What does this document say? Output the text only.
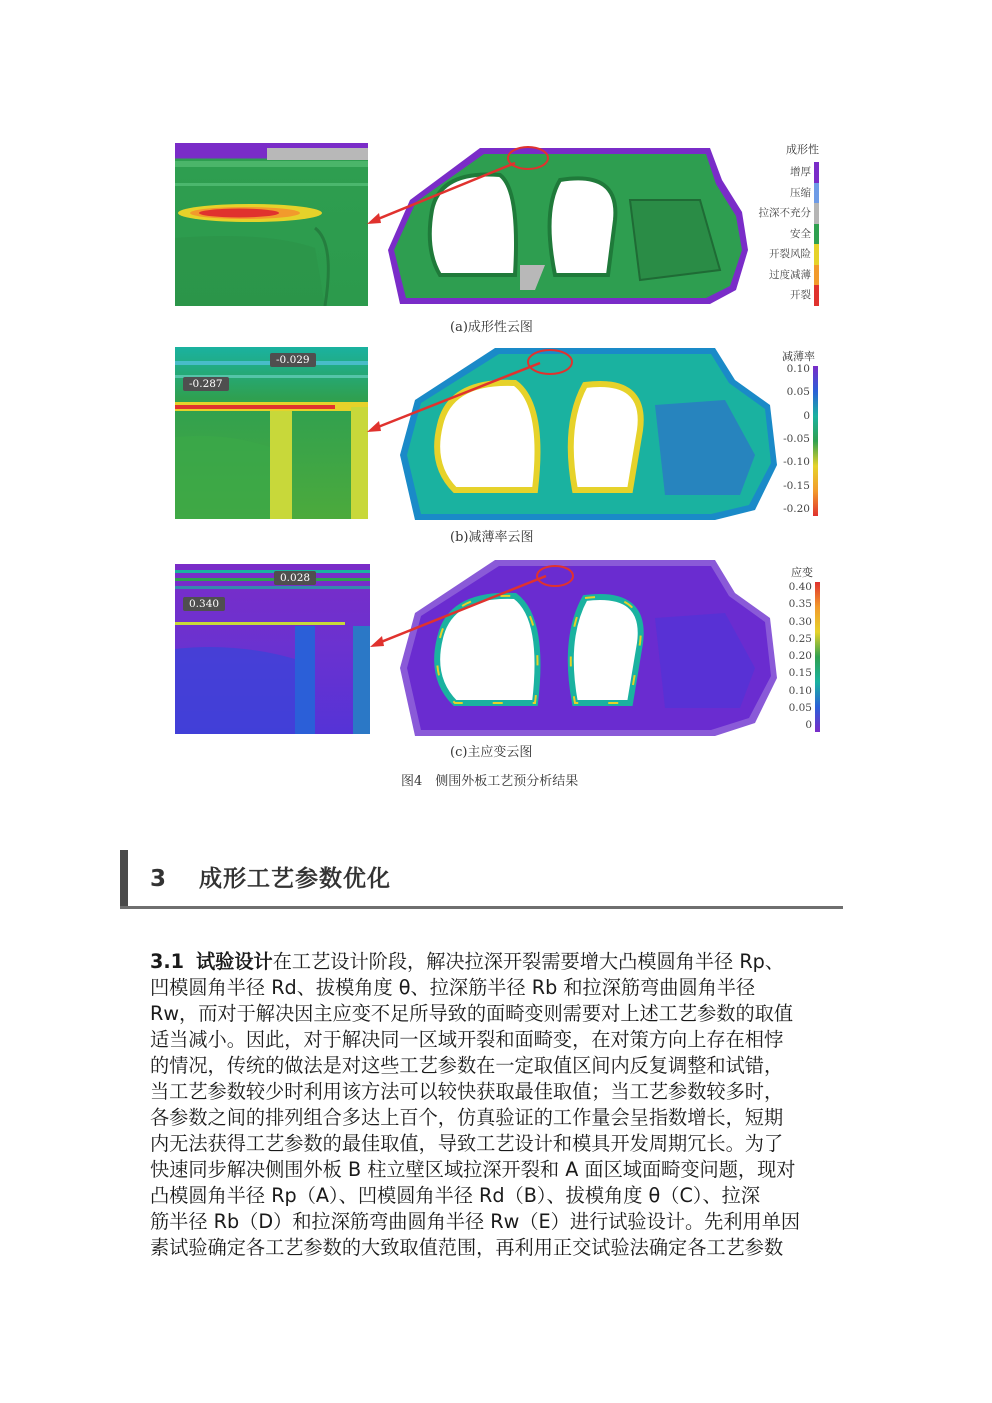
成形性
增厚
压缩
拉深不充分
安全
开裂风险
过度减薄
开裂
(a)成形性云图
-0.029
-0.287
减薄率
0.10
0.05
0
-0.05
-0.10
-0.15
-0.20
(b)减薄率云图
0.028
0.340
应变
0.40
0.35
0.30
0.25
0.20
0.15
0.10
0.05
0
(c)主应变云图
图4　侧围外板工艺预分析结果
3 成形工艺参数优化
3.1 试验设计在工艺设计阶段，解决拉深开裂需要增大凸模圆角半径 Rp、
凹模圆角半径 Rd、拔模角度 θ、拉深筋半径 Rb 和拉深筋弯曲圆角半径
Rw，而对于解决因主应变不足所导致的面畸变则需要对上述工艺参数的取值
适当减小。因此，对于解决同一区域开裂和面畸变，在对策方向上存在相悖
的情况，传统的做法是对这些工艺参数在一定取值区间内反复调整和试错，
当工艺参数较少时利用该方法可以较快获取最佳取值；当工艺参数较多时，
各参数之间的排列组合多达上百个，仿真验证的工作量会呈指数增长，短期
内无法获得工艺参数的最佳取值，导致工艺设计和模具开发周期冗长。为了
快速同步解决侧围外板 B 柱立壁区域拉深开裂和 A 面区域面畸变问题，现对
凸模圆角半径 Rp（A）、凹模圆角半径 Rd（B）、拔模角度 θ（C）、拉深
筋半径 Rb（D）和拉深筋弯曲圆角半径 Rw（E）进行试验设计。先利用单因
素试验确定各工艺参数的大致取值范围，再利用正交试验法确定各工艺参数
